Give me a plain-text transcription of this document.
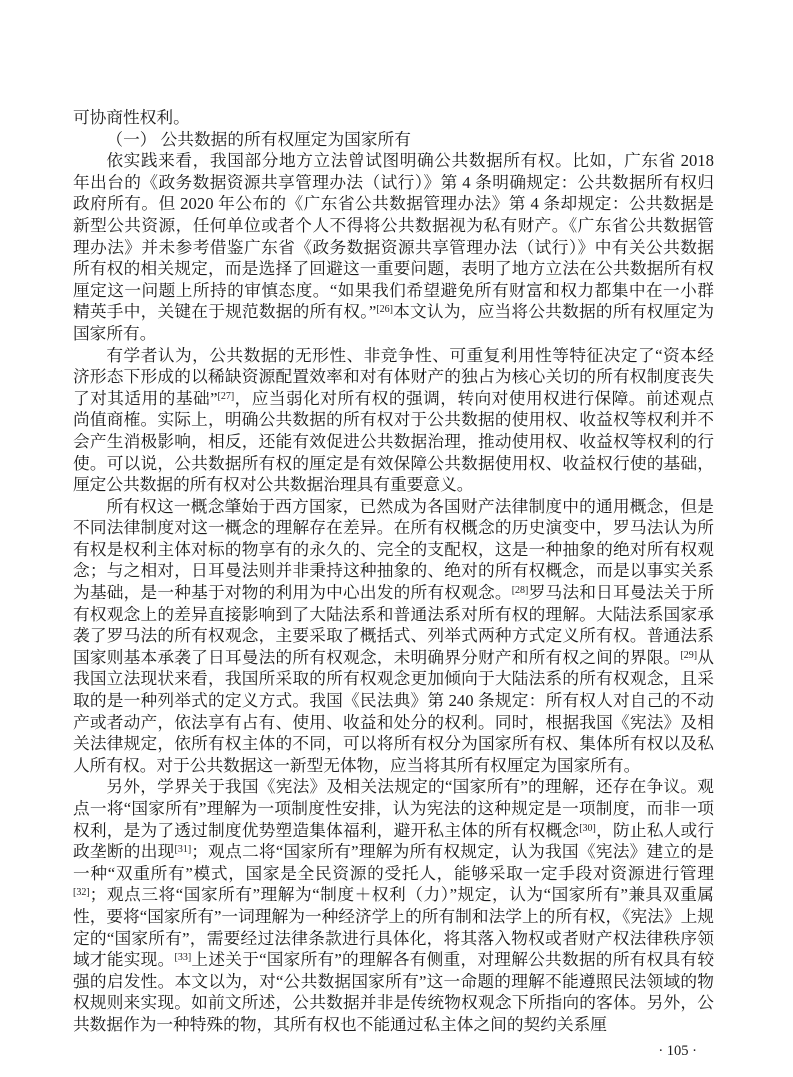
可协商性权利。

（一） 公共数据的所有权厘定为国家所有

依实践来看，我国部分地方立法曾试图明确公共数据所有权。比如，广东省 2018 年出台的《政务数据资源共享管理办法（试行）》第 4 条明确规定：公共数据所有权归政府所有。但 2020 年公布的《广东省公共数据管理办法》第 4 条却规定：公共数据是新型公共资源，任何单位或者个人不得将公共数据视为私有财产。《广东省公共数据管理办法》并未参考借鉴广东省《政务数据资源共享管理办法（试行）》中有关公共数据所有权的相关规定，而是选择了回避这一重要问题，表明了地方立法在公共数据所有权厘定这一问题上所持的审慎态度。“如果我们希望避免所有财富和权力都集中在一小群精英手中，关键在于规范数据的所有权。”[26]本文认为，应当将公共数据的所有权厘定为国家所有。

有学者认为，公共数据的无形性、非竞争性、可重复利用性等特征决定了“资本经济形态下形成的以稀缺资源配置效率和对有体财产的独占为核心关切的所有权制度丧失了对其适用的基础”[27]，应当弱化对所有权的强调，转向对使用权进行保障。前述观点尚值商榷。实际上，明确公共数据的所有权对于公共数据的使用权、收益权等权利并不会产生消极影响，相反，还能有效促进公共数据治理，推动使用权、收益权等权利的行使。可以说，公共数据所有权的厘定是有效保障公共数据使用权、收益权行使的基础，厘定公共数据的所有权对公共数据治理具有重要意义。

所有权这一概念肇始于西方国家，已然成为各国财产法律制度中的通用概念，但是不同法律制度对这一概念的理解存在差异。在所有权概念的历史演变中，罗马法认为所有权是权利主体对标的物享有的永久的、完全的支配权，这是一种抽象的绝对所有权观念；与之相对，日耳曼法则并非秉持这种抽象的、绝对的所有权概念，而是以事实关系为基础，是一种基于对物的利用为中心出发的所有权观念。[28]罗马法和日耳曼法关于所有权观念上的差异直接影响到了大陆法系和普通法系对所有权的理解。大陆法系国家承袭了罗马法的所有权观念，主要采取了概括式、列举式两种方式定义所有权。普通法系国家则基本承袭了日耳曼法的所有权观念，未明确界分财产和所有权之间的界限。[29]从我国立法现状来看，我国所采取的所有权观念更加倾向于大陆法系的所有权观念，且采取的是一种列举式的定义方式。我国《民法典》第 240 条规定：所有权人对自己的不动产或者动产，依法享有占有、使用、收益和处分的权利。同时，根据我国《宪法》及相关法律规定，依所有权主体的不同，可以将所有权分为国家所有权、集体所有权以及私人所有权。对于公共数据这一新型无体物，应当将其所有权厘定为国家所有。

另外，学界关于我国《宪法》及相关法规定的“国家所有”的理解，还存在争议。观点一将“国家所有”理解为一项制度性安排，认为宪法的这种规定是一项制度，而非一项权利，是为了透过制度优势塑造集体福利，避开私主体的所有权概念[30]，防止私人或行政垄断的出现[31]；观点二将“国家所有”理解为所有权规定，认为我国《宪法》建立的是一种“双重所有”模式，国家是全民资源的受托人，能够采取一定手段对资源进行管理[32]；观点三将“国家所有”理解为“制度＋权利（力）”规定，认为“国家所有”兼具双重属性，要将“国家所有”一词理解为一种经济学上的所有制和法学上的所有权，《宪法》上规定的“国家所有”，需要经过法律条款进行具体化，将其落入物权或者财产权法律秩序领域才能实现。[33]上述关于“国家所有”的理解各有侧重，对理解公共数据的所有权具有较强的启发性。本文以为，对“公共数据国家所有”这一命题的理解不能遵照民法领域的物权规则来实现。如前文所述，公共数据并非是传统物权观念下所指向的客体。另外，公共数据作为一种特殊的物，其所有权也不能通过私主体之间的契约关系厘

· 105 ·
